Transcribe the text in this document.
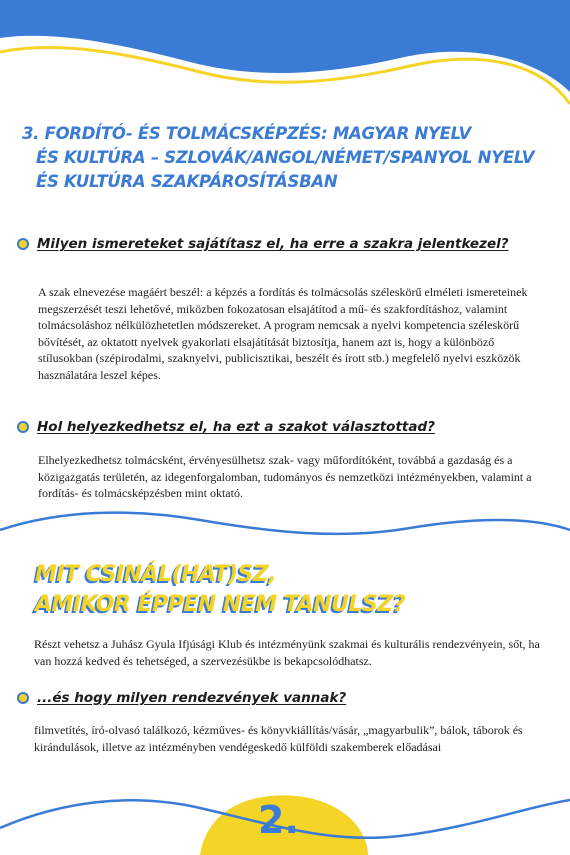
3. FORDÍTÓ- ÉS TOLMÁCSKÉPZÉS: MAGYAR NYELV
ÉS KULTÚRA – SZLOVÁK/ANGOL/NÉMET/SPANYOL NYELV
ÉS KULTÚRA SZAKPÁROSÍTÁSBAN
Milyen ismereteket sajátítasz el, ha erre a szakra jelentkezel?

A szak elnevezése magáért beszél: a képzés a fordítás és tolmácsolás széleskörű elméleti ismereteinek megszerzését teszi lehetővé, miközben fokozatosan elsajátítod a mű- és szakfordításhoz, valamint tolmácsoláshoz nélkülözhetetlen módszereket. A program nemcsak a nyelvi kompetencia széleskörű bővítését, az oktatott nyelvek gyakorlati elsajátítását biztosítja, hanem azt is, hogy a különböző stílusokban (szépirodalmi, szaknyelvi, publicisztikai, beszélt és írott stb.) megfelelő nyelvi eszközök használatára leszel képes.

Hol helyezkedhetsz el, ha ezt a szakot választottad?

Elhelyezkedhetsz tolmácsként, érvényesülhetsz szak- vagy műfordítóként, továbbá a gazdaság és a közigazgatás területén, az idegenforgalomban, tudományos és nemzetközi intézményekben, valamint a fordítás- és tolmácsképzésben mint oktató.

MIT CSINÁL(HAT)SZ,
AMIKOR ÉPPEN NEM TANULSZ?

Részt vehetsz a Juhász Gyula Ifjúsági Klub és intézményünk szakmai és kulturális rendezvényein, sőt, ha van hozzá kedved és tehetséged, a szervezésükbe is bekapcsolódhatsz.

...és hogy milyen rendezvények vannak?

filmvetítés, író-olvasó találkozó, kézműves- és könyvkiállítás/vásár, „magyarbulik”, bálok, táborok és kirándulások, illetve az intézményben vendégeskedő külföldi szakemberek előadásai

2.
